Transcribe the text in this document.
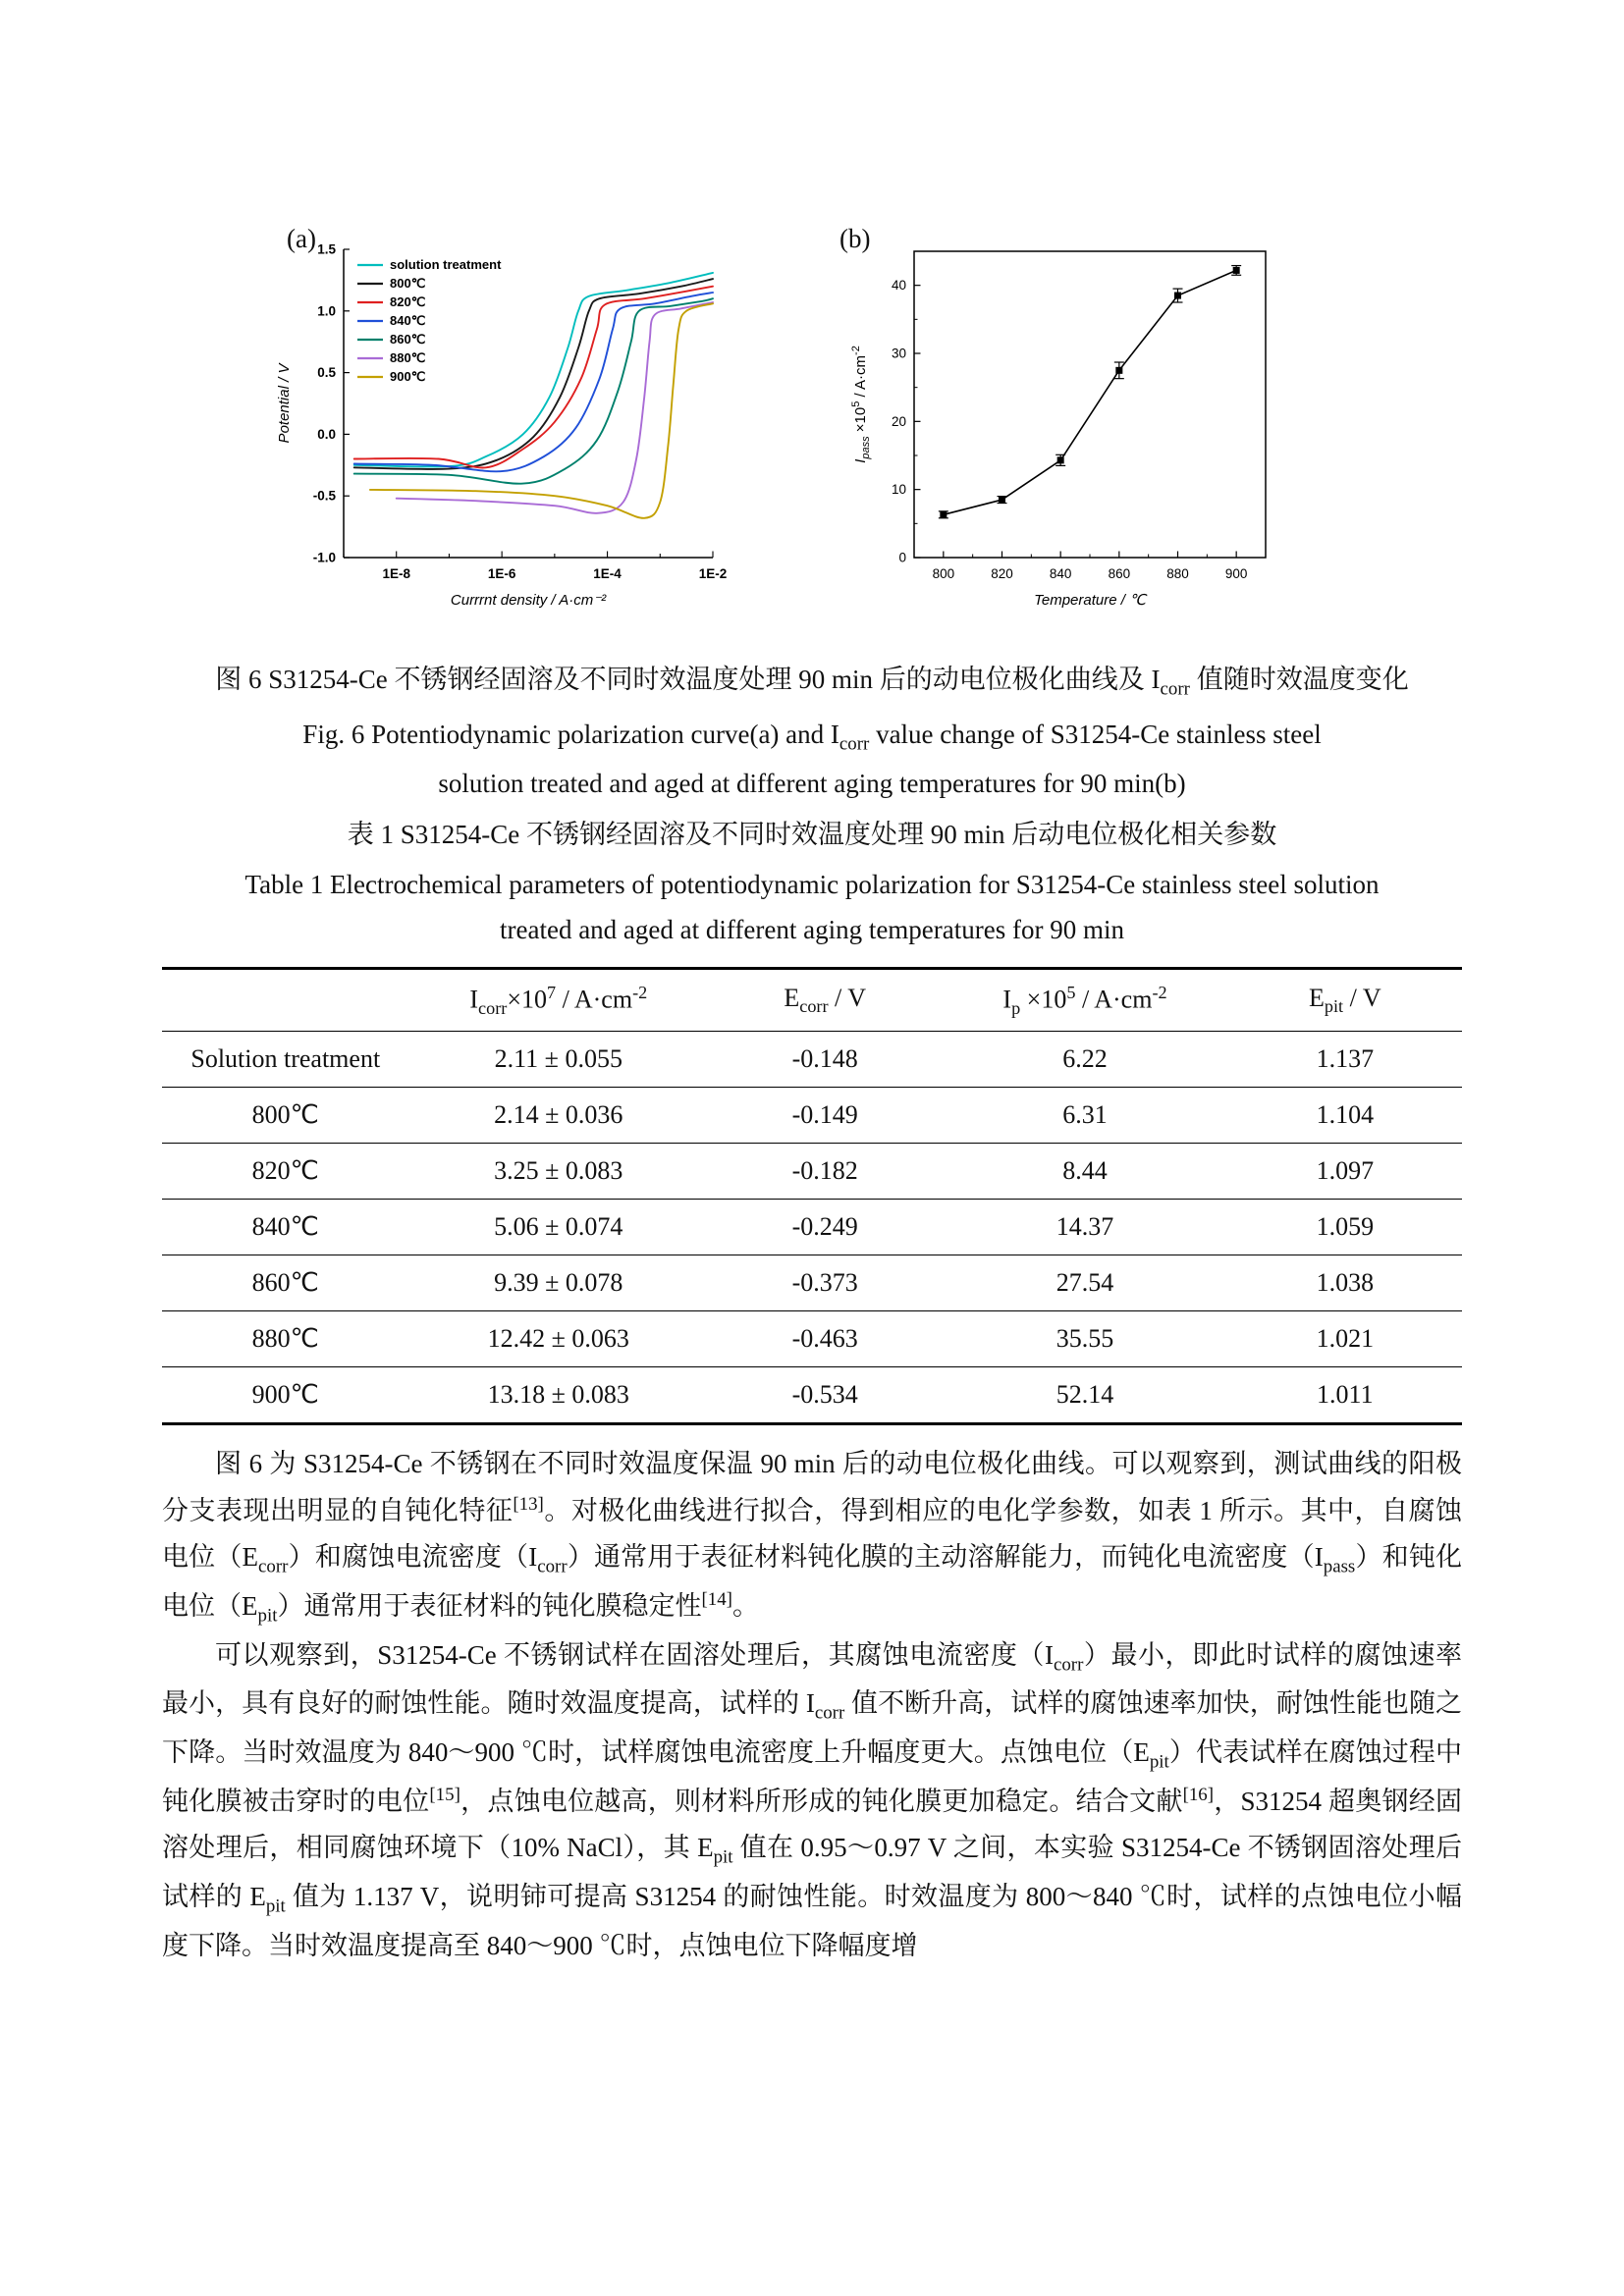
(a)
-1.0
-0.5
0.0
0.5
1.0
1.5
1E-8	1E-6	1E-4	1E-2
Potential / V
Currrnt density / A·cm⁻²
solution treatment
800℃
820℃
840℃
860℃
880℃
900℃
(b)
0
10
20
30
40
800	820	840	860	880	900
Temperature / ℃
$I_{pass} \times 10^5 / A\cdot cm^{-2}$

图 6 S31254-Ce 不锈钢经固溶及不同时效温度处理 90 min 后的动电位极化曲线及 $I_{corr}$ 值随时效温度变化

Fig. 6 Potentiodynamic polarization curve(a) and $I_{corr}$ value change of S31254-Ce stainless steel solution treated and aged at different aging temperatures for 90 min(b)

表 1 S31254-Ce 不锈钢经固溶及不同时效温度处理 90 min 后动电位极化相关参数

Table 1 Electrochemical parameters of potentiodynamic polarization for S31254-Ce stainless steel solution treated and aged at different aging temperatures for 90 min

	$I_{corr}\times 10^7 / A\cdot cm^{-2}$	$E_{corr}$ / V	$I_p \times 10^5 / A\cdot cm^{-2}$	$E_{pit}$ / V
Solution treatment	2.11 ± 0.055	-0.148	6.22	1.137
800℃	2.14 ± 0.036	-0.149	6.31	1.104
820℃	3.25 ± 0.083	-0.182	8.44	1.097
840℃	5.06 ± 0.074	-0.249	14.37	1.059
860℃	9.39 ± 0.078	-0.373	27.54	1.038
880℃	12.42 ± 0.063	-0.463	35.55	1.021
900℃	13.18 ± 0.083	-0.534	52.14	1.011

图 6 为 S31254-Ce 不锈钢在不同时效温度保温 90 min 后的动电位极化曲线。可以观察到，测试曲线的阳极分支表现出明显的自钝化特征[13]。对极化曲线进行拟合，得到相应的电化学参数，如表 1 所示。其中，自腐蚀电位$(E_{corr})$和腐蚀电流密度$(I_{corr})$通常用于表征材料钝化膜的主动溶解能力，而钝化电流密度$(I_{pass})$和钝化电位$(E_{pit})$通常用于表征材料的钝化膜稳定性[14]。

可以观察到，S31254-Ce 不锈钢试样在固溶处理后，其腐蚀电流密度$(I_{corr})$最小，即此时试样的腐蚀速率最小，具有良好的耐蚀性能。随时效温度提高，试样的 $I_{corr}$ 值不断升高，试样的腐蚀速率加快，耐蚀性能也随之下降。当时效温度为 840～900 ℃时，试样腐蚀电流密度上升幅度更大。点蚀电位$(E_{pit})$代表试样在腐蚀过程中钝化膜被击穿时的电位[15]，点蚀电位越高，则材料所形成的钝化膜更加稳定。结合文献[16]，S31254 超奥钢经固溶处理后，相同腐蚀环境下（10% NaCl），其 $E_{pit}$ 值在 0.95～0.97 V 之间，本实验 S31254-Ce 不锈钢固溶处理后试样的 $E_{pit}$ 值为 1.137 V，说明铈可提高 S31254 的耐蚀性能。时效温度为 800～840 ℃时，试样的点蚀电位小幅度下降。当时效温度提高至 840～900 ℃时，点蚀电位下降幅度增
